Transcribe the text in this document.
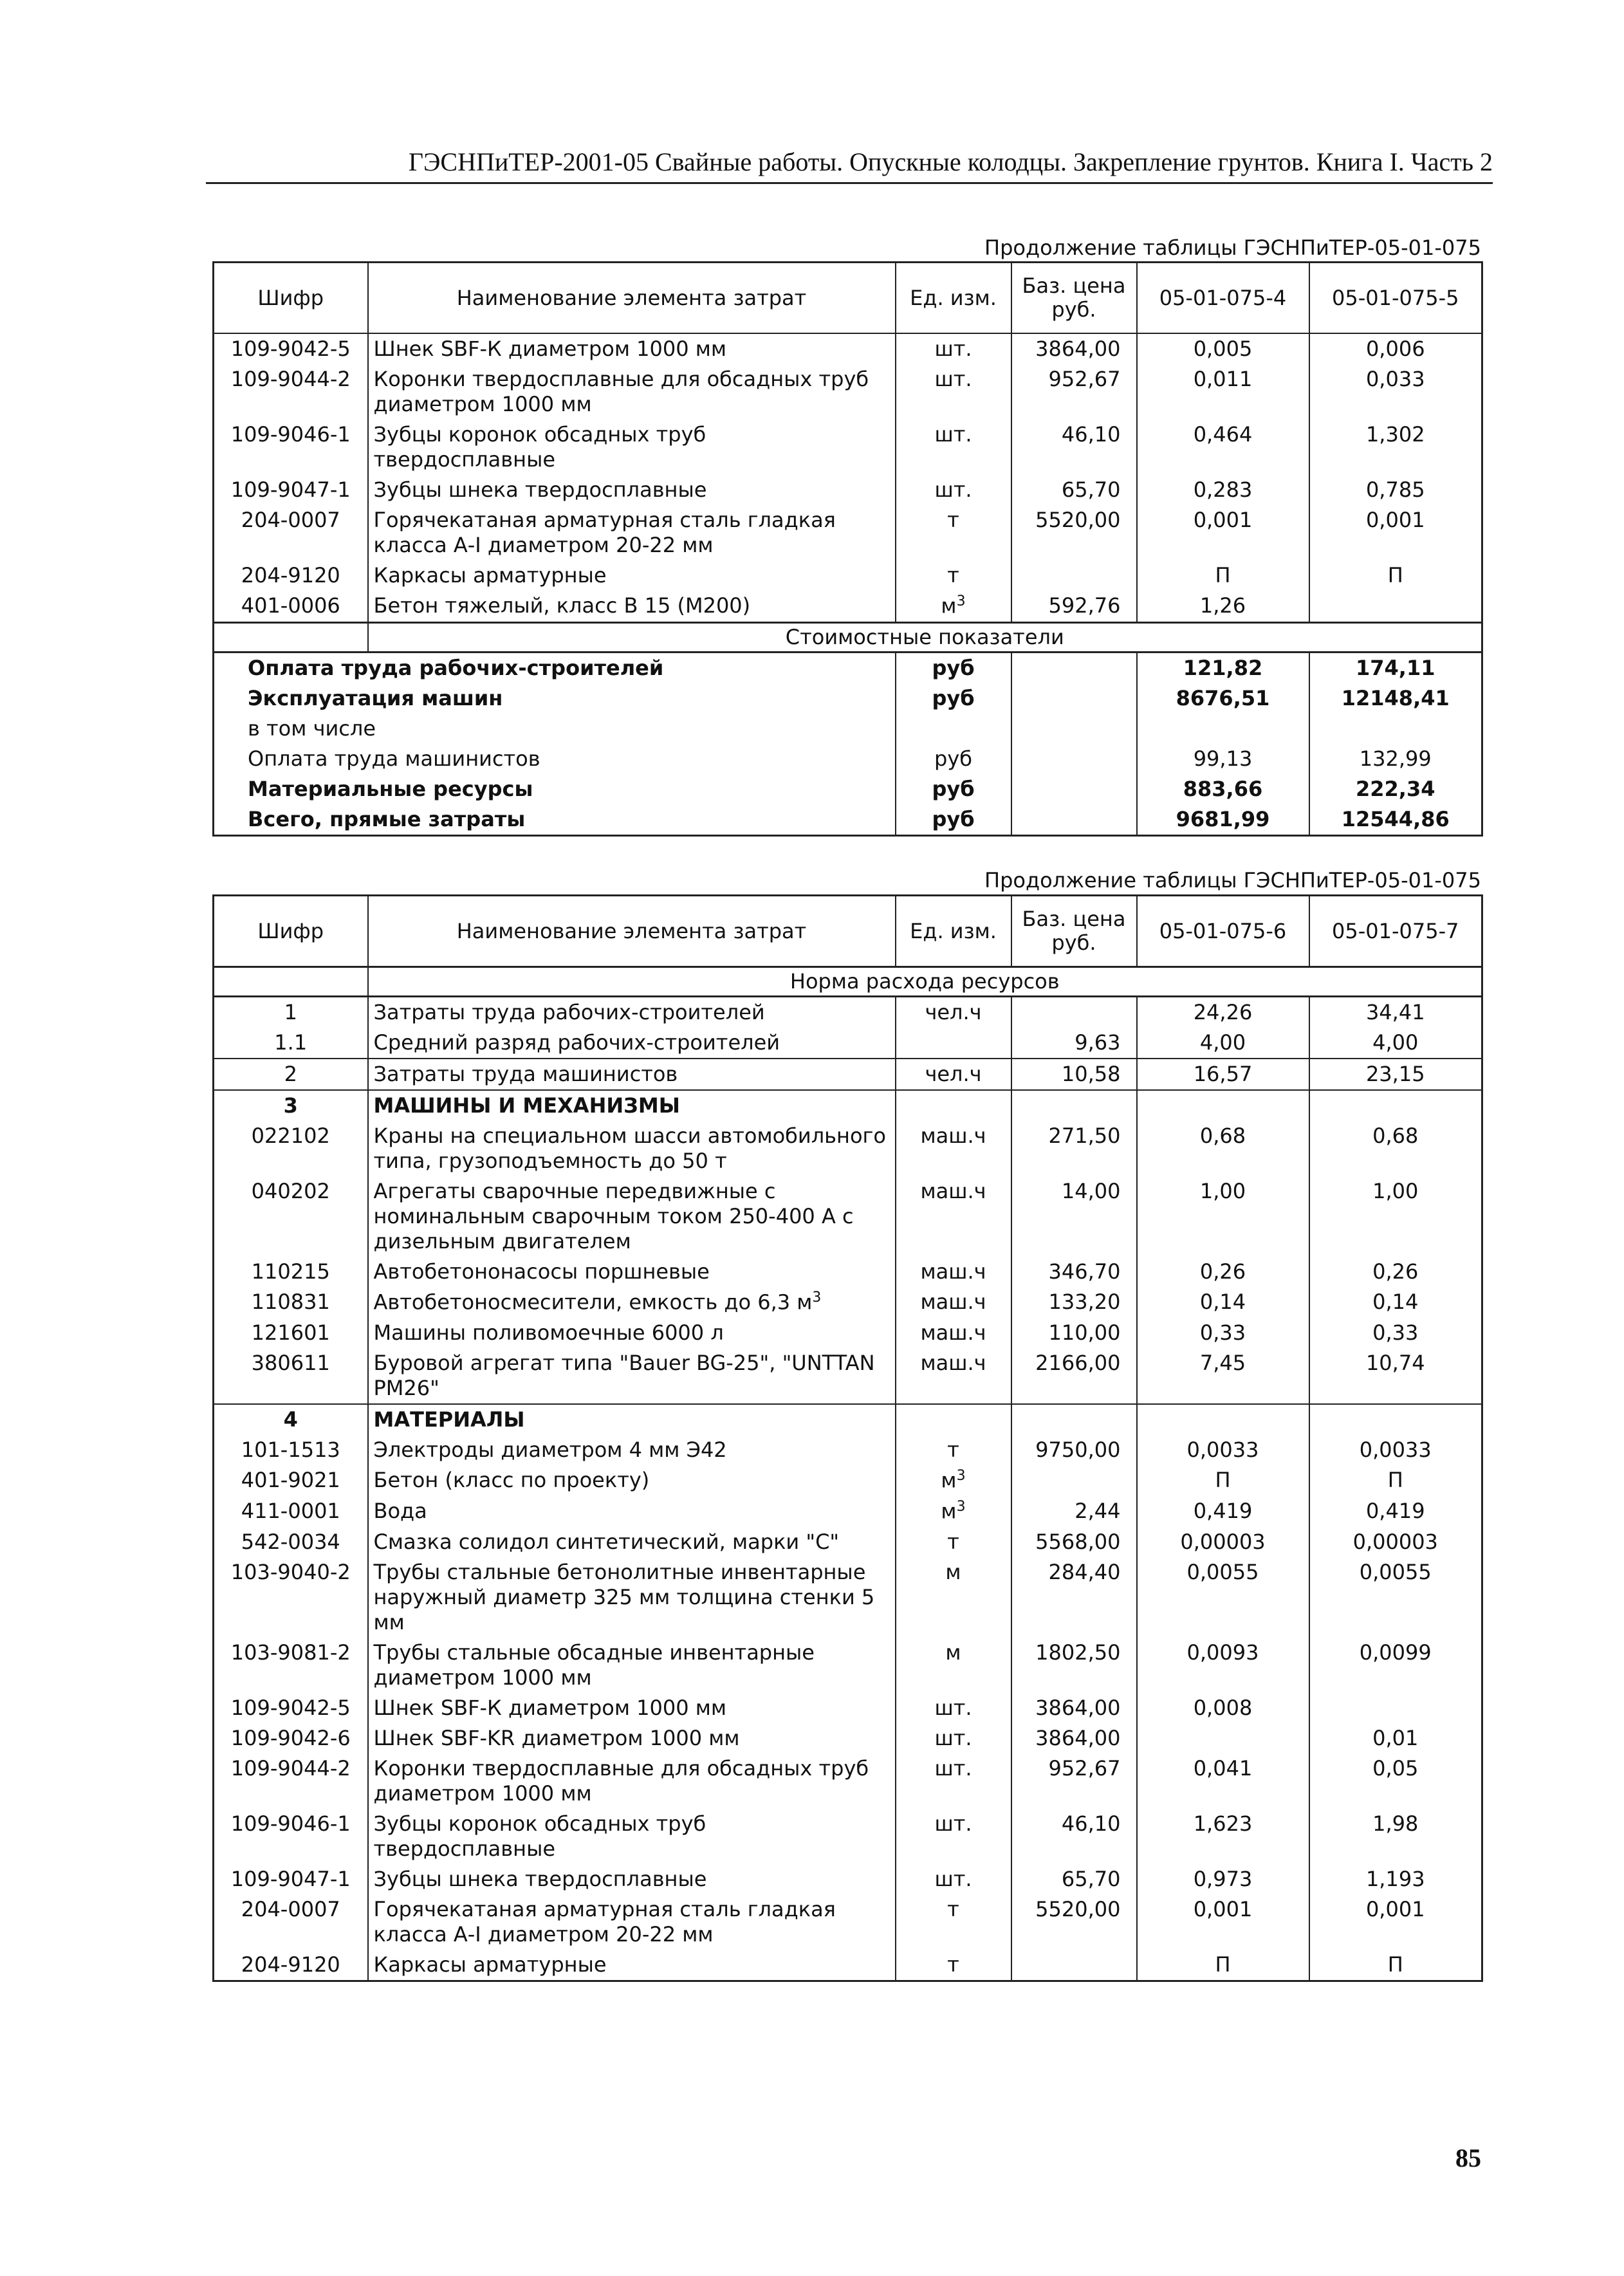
ГЭСНПиТЕР-2001-05 Свайные работы. Опускные колодцы. Закрепление грунтов. Книга I. Часть 2
Продолжение таблицы ГЭСНПиТЕР-05-01-075
Шифр	Наименование элемента затрат	Ед. изм.	Баз. цена руб.	05-01-075-4	05-01-075-5
109-9042-5	Шнек SBF-К диаметром 1000 мм	шт.	3864,00	0,005	0,006
109-9044-2	Коронки твердосплавные для обсадных труб диаметром 1000 мм	шт.	952,67	0,011	0,033
109-9046-1	Зубцы коронок обсадных труб твердосплавные	шт.	46,10	0,464	1,302
109-9047-1	Зубцы шнека твердосплавные	шт.	65,70	0,283	0,785
204-0007	Горячекатаная арматурная сталь гладкая класса А-I диаметром 20-22 мм	т	5520,00	0,001	0,001
204-9120	Каркасы арматурные	т		П	П
401-0006	Бетон тяжелый, класс В 15 (М200)	$м^3$	592,76	1,26	
	Стоимостные показатели				
Оплата труда рабочих-строителей		руб		121,82	174,11
Эксплуатация машин		руб		8676,51	12148,41
в том числе					
Оплата труда машинистов		руб		99,13	132,99
Материальные ресурсы		руб		883,66	222,34
Всего, прямые затраты		руб		9681,99	12544,86
Продолжение таблицы ГЭСНПиТЕР-05-01-075
Шифр	Наименование элемента затрат	Ед. изм.	Баз. цена руб.	05-01-075-6	05-01-075-7
	Норма расхода ресурсов				
1	Затраты труда рабочих-строителей	чел.ч		24,26	34,41
1.1	Средний разряд рабочих-строителей		9,63	4,00	4,00
2	Затраты труда машинистов	чел.ч	10,58	16,57	23,15
3	МАШИНЫ И МЕХАНИЗМЫ				
022102	Краны на специальном шасси автомобильного типа, грузоподъемность до 50 т	маш.ч	271,50	0,68	0,68
040202	Агрегаты сварочные передвижные с номинальным сварочным током 250-400 А с дизельным двигателем	маш.ч	14,00	1,00	1,00
110215	Автобетононасосы поршневые	маш.ч	346,70	0,26	0,26
110831	Автобетоносмесители, емкость до 6,3 $м^3$	маш.ч	133,20	0,14	0,14
121601	Машины поливомоечные 6000 л	маш.ч	110,00	0,33	0,33
380611	Буровой агрегат типа "Bauer BG-25", "UNTTAN PM26"	маш.ч	2166,00	7,45	10,74
4	МАТЕРИАЛЫ				
101-1513	Электроды диаметром 4 мм Э42	т	9750,00	0,0033	0,0033
401-9021	Бетон (класс по проекту)	$м^3$		П	П
411-0001	Вода	$м^3$	2,44	0,419	0,419
542-0034	Смазка солидол синтетический, марки "С"	т	5568,00	0,00003	0,00003
103-9040-2	Трубы стальные бетонолитные инвентарные наружный диаметр 325 мм толщина стенки 5 мм	м	284,40	0,0055	0,0055
103-9081-2	Трубы стальные обсадные инвентарные диаметром 1000 мм	м	1802,50	0,0093	0,0099
109-9042-5	Шнек SBF-К диаметром 1000 мм	шт.	3864,00	0,008	
109-9042-6	Шнек SBF-KR диаметром 1000 мм	шт.	3864,00		0,01
109-9044-2	Коронки твердосплавные для обсадных труб диаметром 1000 мм	шт.	952,67	0,041	0,05
109-9046-1	Зубцы коронок обсадных труб твердосплавные	шт.	46,10	1,623	1,98
109-9047-1	Зубцы шнека твердосплавные	шт.	65,70	0,973	1,193
204-0007	Горячекатаная арматурная сталь гладкая класса А-I диаметром 20-22 мм	т	5520,00	0,001	0,001
204-9120	Каркасы арматурные	т		П	П
85
